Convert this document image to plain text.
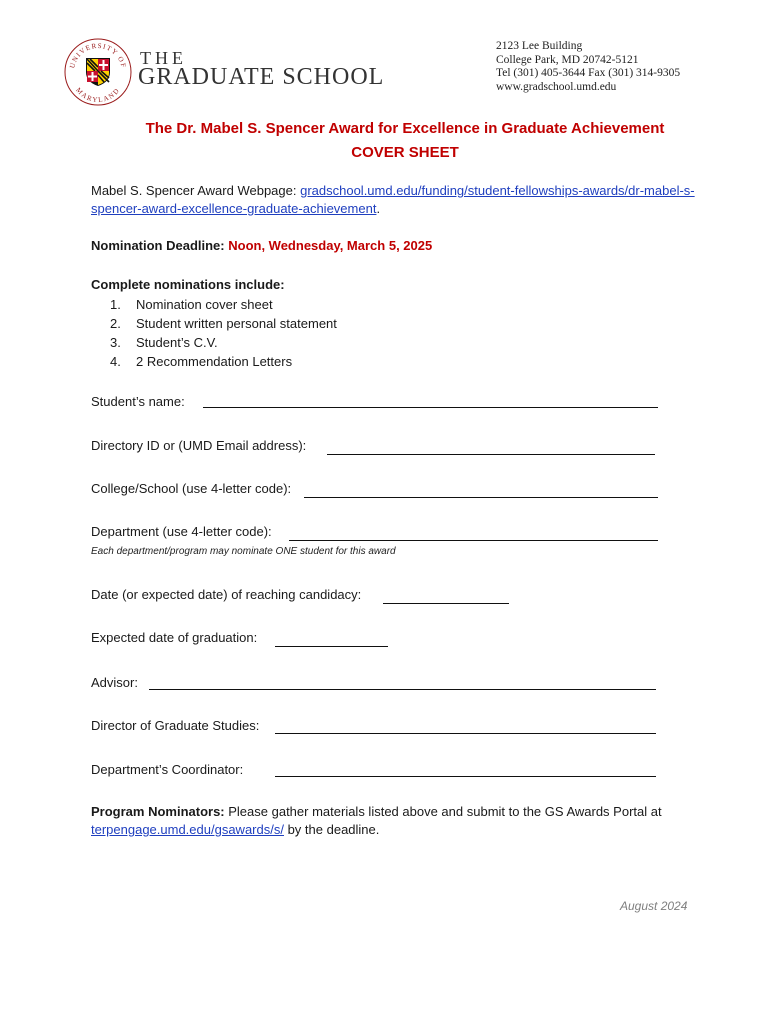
UNIVERSITY OF
MARYLAND
THE
GRADUATE SCHOOL
2123 Lee Building
College Park, MD 20742-5121
Tel (301) 405-3644 Fax (301) 314-9305
www.gradschool.umd.edu
The Dr. Mabel S. Spencer Award for Excellence in Graduate Achievement
COVER SHEET
Mabel S. Spencer Award Webpage: gradschool.umd.edu/funding/student-fellowships-awards/dr-mabel-s-spencer-award-excellence-graduate-achievement.
Nomination Deadline: Noon, Wednesday, March 5, 2025
Complete nominations include:
1. Nomination cover sheet
2. Student written personal statement
3. Student’s C.V.
4. 2 Recommendation Letters
Student’s name:
Directory ID or (UMD Email address):
College/School (use 4-letter code):
Department (use 4-letter code):
Each department/program may nominate ONE student for this award
Date (or expected date) of reaching candidacy:
Expected date of graduation:
Advisor:
Director of Graduate Studies:
Department’s Coordinator:
Program Nominators: Please gather materials listed above and submit to the GS Awards Portal at terpengage.umd.edu/gsawards/s/ by the deadline.
August 2024
